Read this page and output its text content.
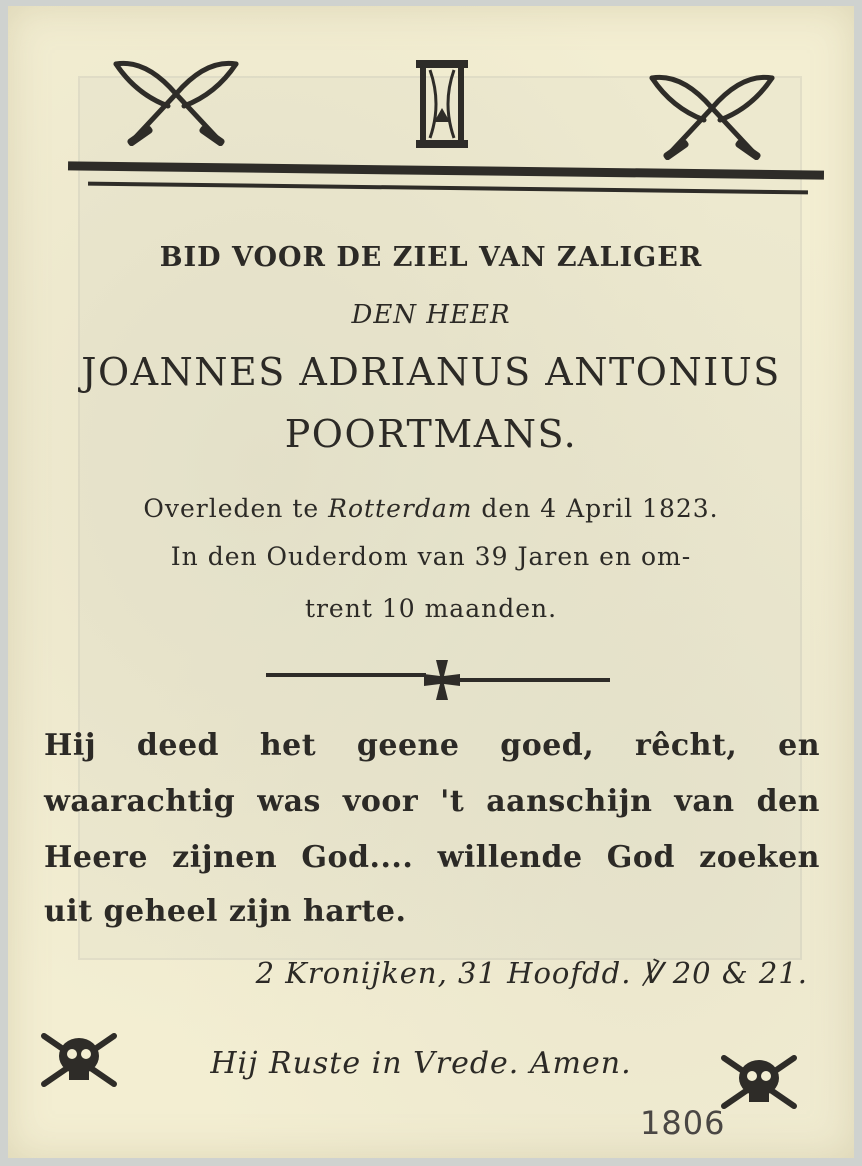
BID VOOR DE ZIEL VAN ZALIGER
DEN HEER
JOANNES ADRIANUS ANTONIUS
POORTMANS.
Overleden te Rotterdam den 4 April 1823.
In den Ouderdom van 39 Jaren en om-
trent 10 maanden.
Hij deed het geene goed, rêcht, en
waarachtig was voor 't aanschijn van den
Heere zijnen God.... willende God zoeken
uit geheel zijn harte.
2 Kronijken, 31 Hoofdd. ℣ 20 & 21.
Hij Ruste in Vrede. Amen.
1806
